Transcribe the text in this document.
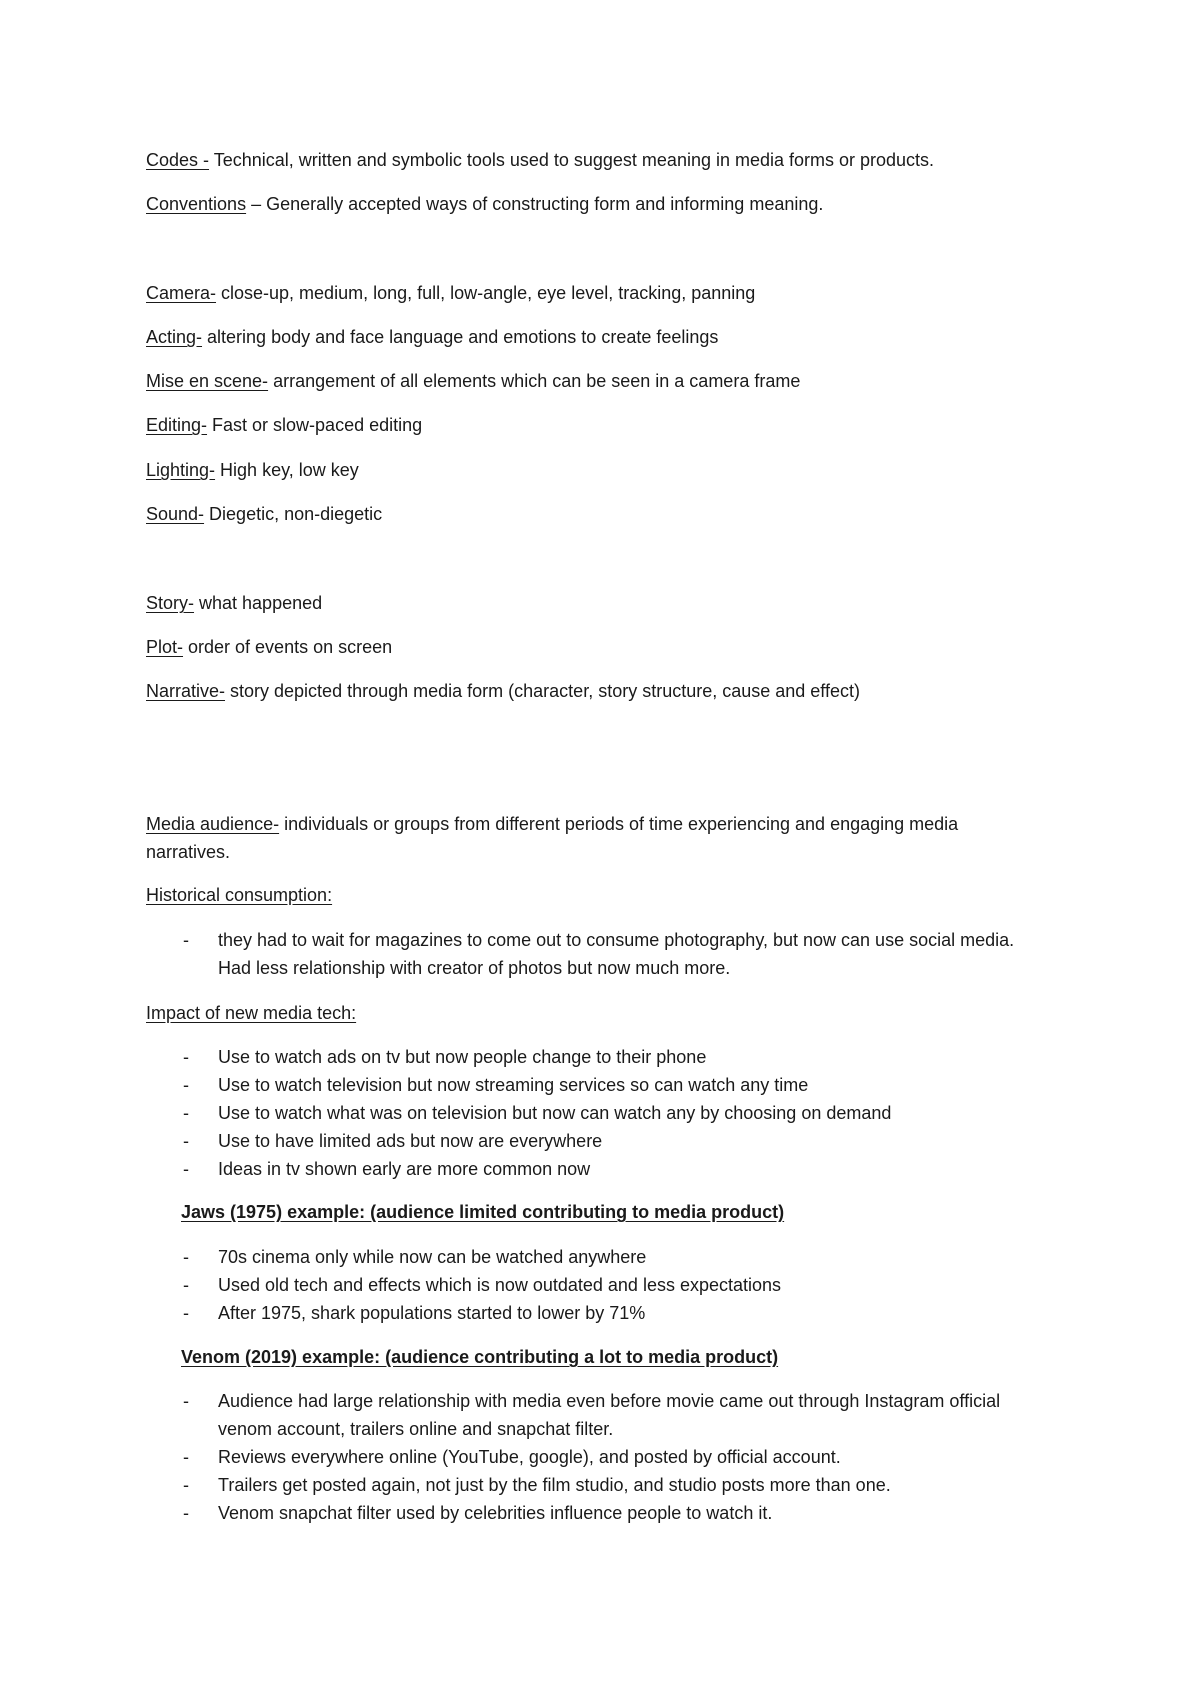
Codes - Technical, written and symbolic tools used to suggest meaning in media forms or products.
Conventions – Generally accepted ways of constructing form and informing meaning.
Camera- close-up, medium, long, full, low-angle, eye level, tracking, panning
Acting- altering body and face language and emotions to create feelings
Mise en scene- arrangement of all elements which can be seen in a camera frame
Editing- Fast or slow-paced editing
Lighting- High key, low key
Sound- Diegetic, non-diegetic
Story- what happened
Plot- order of events on screen
Narrative- story depicted through media form (character, story structure, cause and effect)
Media audience- individuals or groups from different periods of time experiencing and engaging media narratives.
Historical consumption:
- they had to wait for magazines to come out to consume photography, but now can use social media. Had less relationship with creator of photos but now much more.
Impact of new media tech:
- Use to watch ads on tv but now people change to their phone
- Use to watch television but now streaming services so can watch any time
- Use to watch what was on television but now can watch any by choosing on demand
- Use to have limited ads but now are everywhere
- Ideas in tv shown early are more common now
Jaws (1975) example: (audience limited contributing to media product)
- 70s cinema only while now can be watched anywhere
- Used old tech and effects which is now outdated and less expectations
- After 1975, shark populations started to lower by 71%
Venom (2019) example: (audience contributing a lot to media product)
- Audience had large relationship with media even before movie came out through Instagram official venom account, trailers online and snapchat filter.
- Reviews everywhere online (YouTube, google), and posted by official account.
- Trailers get posted again, not just by the film studio, and studio posts more than one.
- Venom snapchat filter used by celebrities influence people to watch it.
